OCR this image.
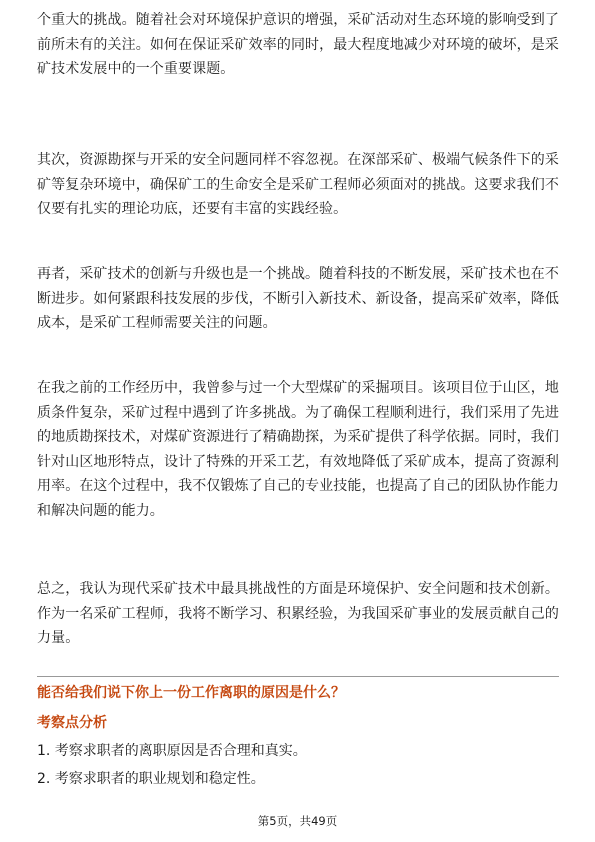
个重大的挑战。随着社会对环境保护意识的增强，采矿活动对生态环境的影响受到了前所未有的关注。如何在保证采矿效率的同时，最大程度地减少对环境的破坏，是采矿技术发展中的一个重要课题。

其次，资源勘探与开采的安全问题同样不容忽视。在深部采矿、极端气候条件下的采矿等复杂环境中，确保矿工的生命安全是采矿工程师必须面对的挑战。这要求我们不仅要有扎实的理论功底，还要有丰富的实践经验。

再者，采矿技术的创新与升级也是一个挑战。随着科技的不断发展，采矿技术也在不断进步。如何紧跟科技发展的步伐，不断引入新技术、新设备，提高采矿效率，降低成本，是采矿工程师需要关注的问题。

在我之前的工作经历中，我曾参与过一个大型煤矿的采掘项目。该项目位于山区，地质条件复杂，采矿过程中遇到了许多挑战。为了确保工程顺利进行，我们采用了先进的地质勘探技术，对煤矿资源进行了精确勘探，为采矿提供了科学依据。同时，我们针对山区地形特点，设计了特殊的开采工艺，有效地降低了采矿成本，提高了资源利用率。在这个过程中，我不仅锻炼了自己的专业技能，也提高了自己的团队协作能力和解决问题的能力。

总之，我认为现代采矿技术中最具挑战性的方面是环境保护、安全问题和技术创新。作为一名采矿工程师，我将不断学习、积累经验，为我国采矿事业的发展贡献自己的力量。

能否给我们说下你上一份工作离职的原因是什么？

考察点分析

1. 考察求职者的离职原因是否合理和真实。

2. 考察求职者的职业规划和稳定性。

第5页，共49页
